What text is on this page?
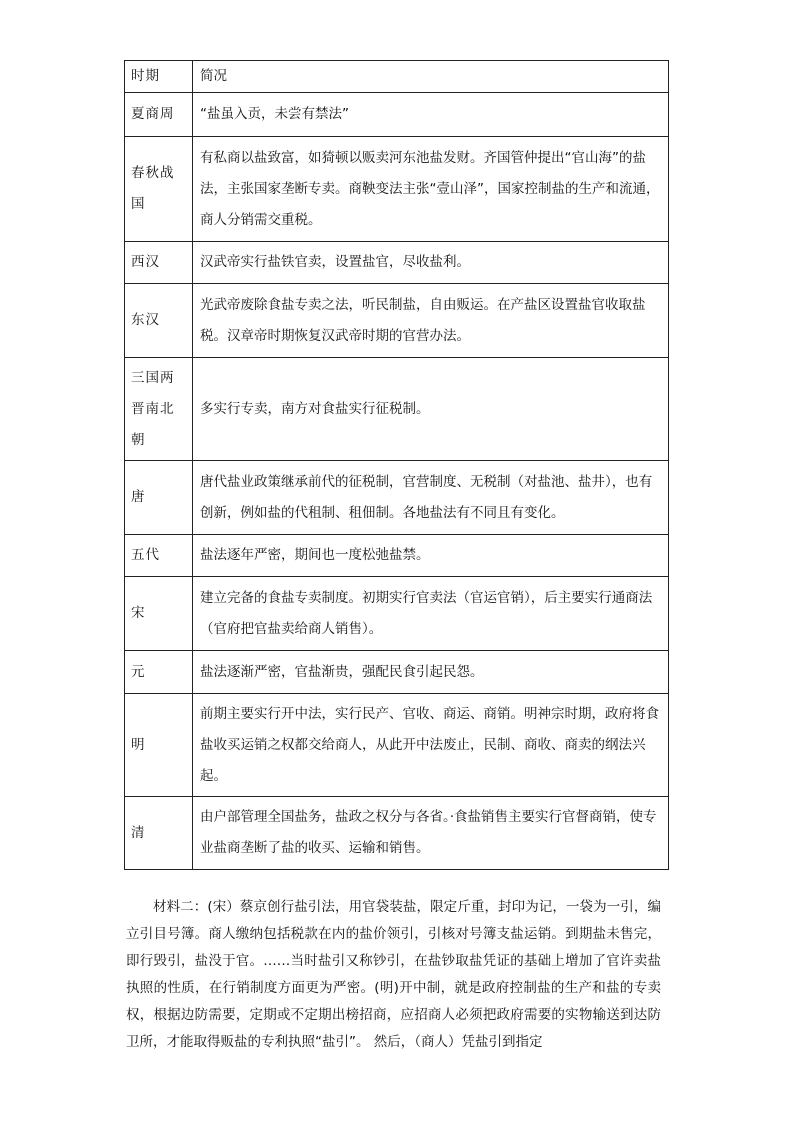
时期	简况
夏商周	“盐虽入贡，未尝有禁法”
春秋战国	有私商以盐致富，如猗顿以贩卖河东池盐发财。齐国管仲提出“官山海”的盐法，主张国家垄断专卖。商鞅变法主张“壹山泽”，国家控制盐的生产和流通，商人分销需交重税。
西汉	汉武帝实行盐铁官卖，设置盐官，尽收盐利。
东汉	光武帝废除食盐专卖之法，听民制盐，自由贩运。在产盐区设置盐官收取盐税。汉章帝时期恢复汉武帝时期的官营办法。
三国两晋南北朝	多实行专卖，南方对食盐实行征税制。
唐	唐代盐业政策继承前代的征税制，官营制度、无税制（对盐池、盐井），也有创新，例如盐的代租制、租佃制。各地盐法有不同且有变化。
五代	盐法逐年严密，期间也一度松弛盐禁。
宋	建立完备的食盐专卖制度。初期实行官卖法（官运官销），后主要实行通商法（官府把官盐卖给商人销售）。
元	盐法逐渐严密，官盐渐贵，强配民食引起民怨。
明	前期主要实行开中法，实行民产、官收、商运、商销。明神宗时期，政府将食盐收买运销之权都交给商人，从此开中法废止，民制、商收、商卖的纲法兴起。
清	由户部管理全国盐务，盐政之权分与各省。·食盐销售主要实行官督商销，使专业盐商垄断了盐的收买、运输和销售。

材料二：(宋）蔡京创行盐引法，用官袋装盐，限定斤重，封印为记，一袋为一引，编立引目号簿。商人缴纳包括税款在内的盐价领引，引核对号簿支盐运销。到期盐未售完，即行毁引，盐没于官。……当时盐引又称钞引，在盐钞取盐凭证的基础上增加了官许卖盐执照的性质，在行销制度方面更为严密。(明)开中制，就是政府控制盐的生产和盐的专卖权，根据边防需要，定期或不定期出榜招商，应招商人必须把政府需要的实物输送到达防卫所，才能取得贩盐的专利执照“盐引”。 然后，（商人）凭盐引到指定
